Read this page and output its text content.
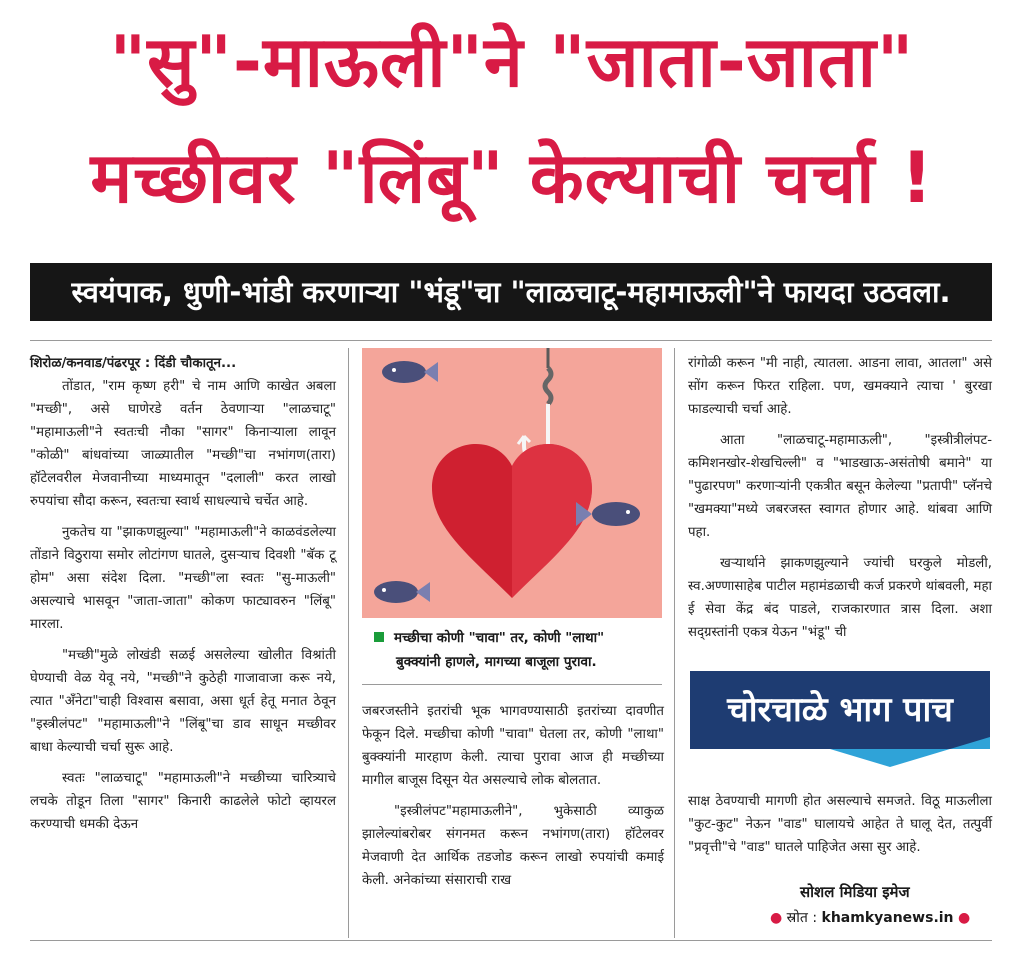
"सु"-माऊली"ने "जाता-जाता"
मच्छीवर "लिंबू" केल्याची चर्चा !
स्वयंपाक, धुणी-भांडी करणाऱ्या "भंडू"चा "लाळचाटू-महामाऊली"ने फायदा उठवला.

शिरोळ/कनवाड/पंढरपूर : दिंडी चौकातून...

तोंडात, "राम कृष्ण हरी" चे नाम आणि काखेत अबला "मच्छी", असे घाणेरडे वर्तन ठेवणाऱ्या "लाळचाटू" "महामाऊली"ने स्वतःची नौका "सागर" किनाऱ्याला लावून "कोळी" बांधवांच्या जाळ्यातील "मच्छी"चा नभांगण(तारा) हॉटेलवरील मेजवानीच्या माध्यमातून "दलाली" करत लाखो रुपयांचा सौदा करून, स्वतःचा स्वार्थ साधल्याचे चर्चेत आहे.

नुकतेच या "झाकणझुल्या" "महामाऊली"ने काळवंडलेल्या तोंडाने विठुराया समोर लोटांगण घातले, दुसऱ्याच दिवशी "बॅक टू होम" असा संदेश दिला. "मच्छी"ला स्वतः "सु-माऊली" असल्याचे भासवून "जाता-जाता" कोकण फाट्यावरुन "लिंबू" मारला.

"मच्छी"मुळे लोखंडी सळई असलेल्या खोलीत विश्रांती घेण्याची वेळ येवू नये, "मच्छी"ने कुठेही गाजावाजा करू नये, त्यात "अँनेटा"चाही विश्वास बसावा, असा धूर्त हेतू मनात ठेवून "इस्त्रीलंपट" "महामाऊली"ने "लिंबू"चा डाव साधून मच्छीवर बाधा केल्याची चर्चा सुरू आहे.

स्वतः "लाळचाटू" "महामाऊली"ने मच्छीच्या चारित्र्याचे लचके तोडून तिला "सागर" किनारी काढलेले फोटो व्हायरल करण्याची धमकी देऊन

मच्छीचा कोणी "चावा" तर, कोणी "लाथा"
बुक्क्यांनी हाणले, मागच्या बाजूला पुरावा.

जबरजस्तीने इतरांची भूक भागवण्यासाठी इतरांच्या दावणीत फेकून दिले. मच्छीचा कोणी "चावा" घेतला तर, कोणी "लाथा" बुक्क्यांनी मारहाण केली. त्याचा पुरावा आज ही मच्छीच्या मागील बाजूस दिसून येत असल्याचे लोक बोलतात.

"इस्त्रीलंपट"महामाऊलीने", भुकेसाठी व्याकुळ झालेल्यांबरोबर संगनमत करून नभांगण(तारा) हॉटेलवर मेजवाणी देत आर्थिक तडजोड करून लाखो रुपयांची कमाई केली. अनेकांच्या संसाराची राख

रांगोळी करून "मी नाही, त्यातला. आडना लावा, आतला" असे सोंग करून फिरत राहिला. पण, खमक्याने त्याचा ' बुरखा फाडल्याची चर्चा आहे.

आता "लाळचाटू-महामाऊली", "इस्त्रीत्रीलंपट-कमिशनखोर-शेखचिल्ली" व "भाडखाऊ-असंतोषी बमाने" या "पुढारपण" करणाऱ्यांनी एकत्रीत बसून केलेल्या "प्रतापी" प्लॅनचे "खमक्या"मध्ये जबरजस्त स्वागत होणार आहे. थांबवा आणि पहा.

खऱ्यार्थाने झाकणझुल्याने ज्यांची घरकुले मोडली, स्व.अण्णासाहेब पाटील महामंडळाची कर्ज प्रकरणे थांबवली, महा ई सेवा केंद्र बंद पाडले, राजकारणात त्रास दिला. अशा सद्ग्रस्तांनी एकत्र येऊन "भंडू" ची

चोरचाळे भाग पाच

साक्ष ठेवण्याची मागणी होत असल्याचे समजते. विठू माऊलीला "कुट-कुट" नेऊन "वाड" घालायचे आहेत ते घालू देत, तत्पुर्वी "प्रवृत्ती"चे "वाड" घातले पाहिजेत असा सुर आहे.

सोशल मिडिया इमेज
● स्रोत : khamkyanews.in ●
